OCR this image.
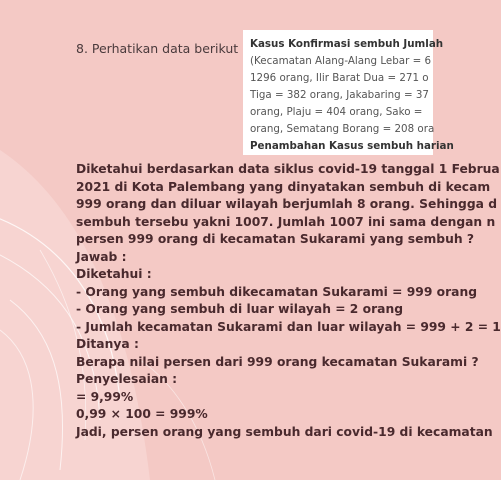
8. Perhatikan data berikut Kasus Konfirmasi sembuh Jumlah
(Kecamatan Alang-Alang Lebar = 6
1296 orang, Ilir Barat Dua = 271 o
Tiga = 382 orang, Jakabaring = 37
orang, Plaju = 404 orang, Sako =
orang, Sematang Borang = 208 ora
Penambahan Kasus sembuh harian
Diketahui berdasarkan data siklus covid-19 tanggal 1 Februa
2021 di Kota Palembang yang dinyatakan sembuh di kecam
999 orang dan diluar wilayah berjumlah 8 orang. Sehingga d
sembuh tersebu yakni 1007. Jumlah 1007 ini sama dengan n
persen 999 orang di kecamatan Sukarami yang sembuh ?
Jawab :
Diketahui :
- Orang yang sembuh dikecamatan Sukarami = 999 orang
- Orang yang sembuh di luar wilayah = 2 orang
- Jumlah kecamatan Sukarami dan luar wilayah = 999 + 2 = 1
Ditanya :
Berapa nilai persen dari 999 orang kecamatan Sukarami ?
Penyelesaian :
= 9,99%
0,99 × 100 = 999%
Jadi, persen orang yang sembuh dari covid-19 di kecamatan
